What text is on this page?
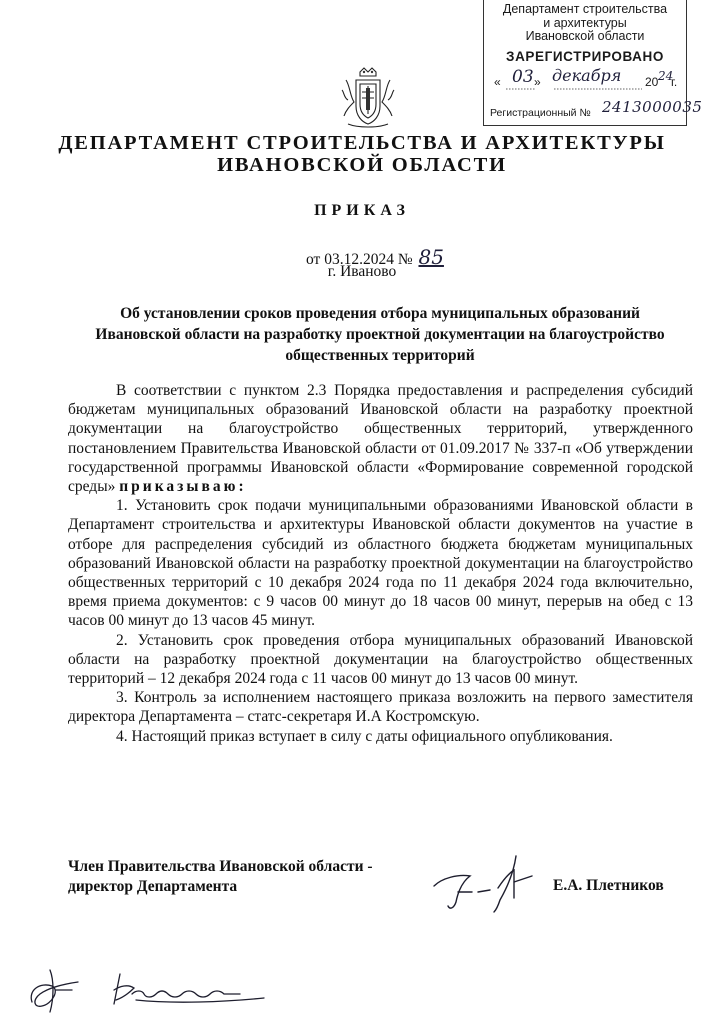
Департамент строительства
и архитектуры
Ивановской области
ЗАРЕГИСТРИРОВАНО
« 03 » декабря 20 24
г.
Регистрационный № 2413000035
ДЕПАРТАМЕНТ СТРОИТЕЛЬСТВА И АРХИТЕКТУРЫ
ИВАНОВСКОЙ ОБЛАСТИ
ПРИКАЗ
от 03.12.2024 № 85
г. Иваново
Об установлении сроков проведения отбора муниципальных образований Ивановской области на разработку проектной документации на благоустройство общественных территорий

В соответствии с пунктом 2.3 Порядка предоставления и распределения субсидий бюджетам муниципальных образований Ивановской области на разработку проектной документации на благоустройство общественных территорий, утвержденного постановлением Правительства Ивановской области от 01.09.2017 № 337-п «Об утверждении государственной программы Ивановской области «Формирование современной городской среды» приказываю:

1. Установить срок подачи муниципальными образованиями Ивановской области в Департамент строительства и архитектуры Ивановской области документов на участие в отборе для распределения субсидий из областного бюджета бюджетам муниципальных образований Ивановской области на разработку проектной документации на благоустройство общественных территорий с 10 декабря 2024 года по 11 декабря 2024 года включительно, время приема документов: с 9 часов 00 минут до 18 часов 00 минут, перерыв на обед с 13 часов 00 минут до 13 часов 45 минут.

2. Установить срок проведения отбора муниципальных образований Ивановской области на разработку проектной документации на благоустройство общественных территорий – 12 декабря 2024 года с 11 часов 00 минут до 13 часов 00 минут.

3. Контроль за исполнением настоящего приказа возложить на первого заместителя директора Департамента – статс-секретаря И.А Костромскую.

4. Настоящий приказ вступает в силу с даты официального опубликования.

Член Правительства Ивановской области -
директор Департамента	Е.А. Плетников
